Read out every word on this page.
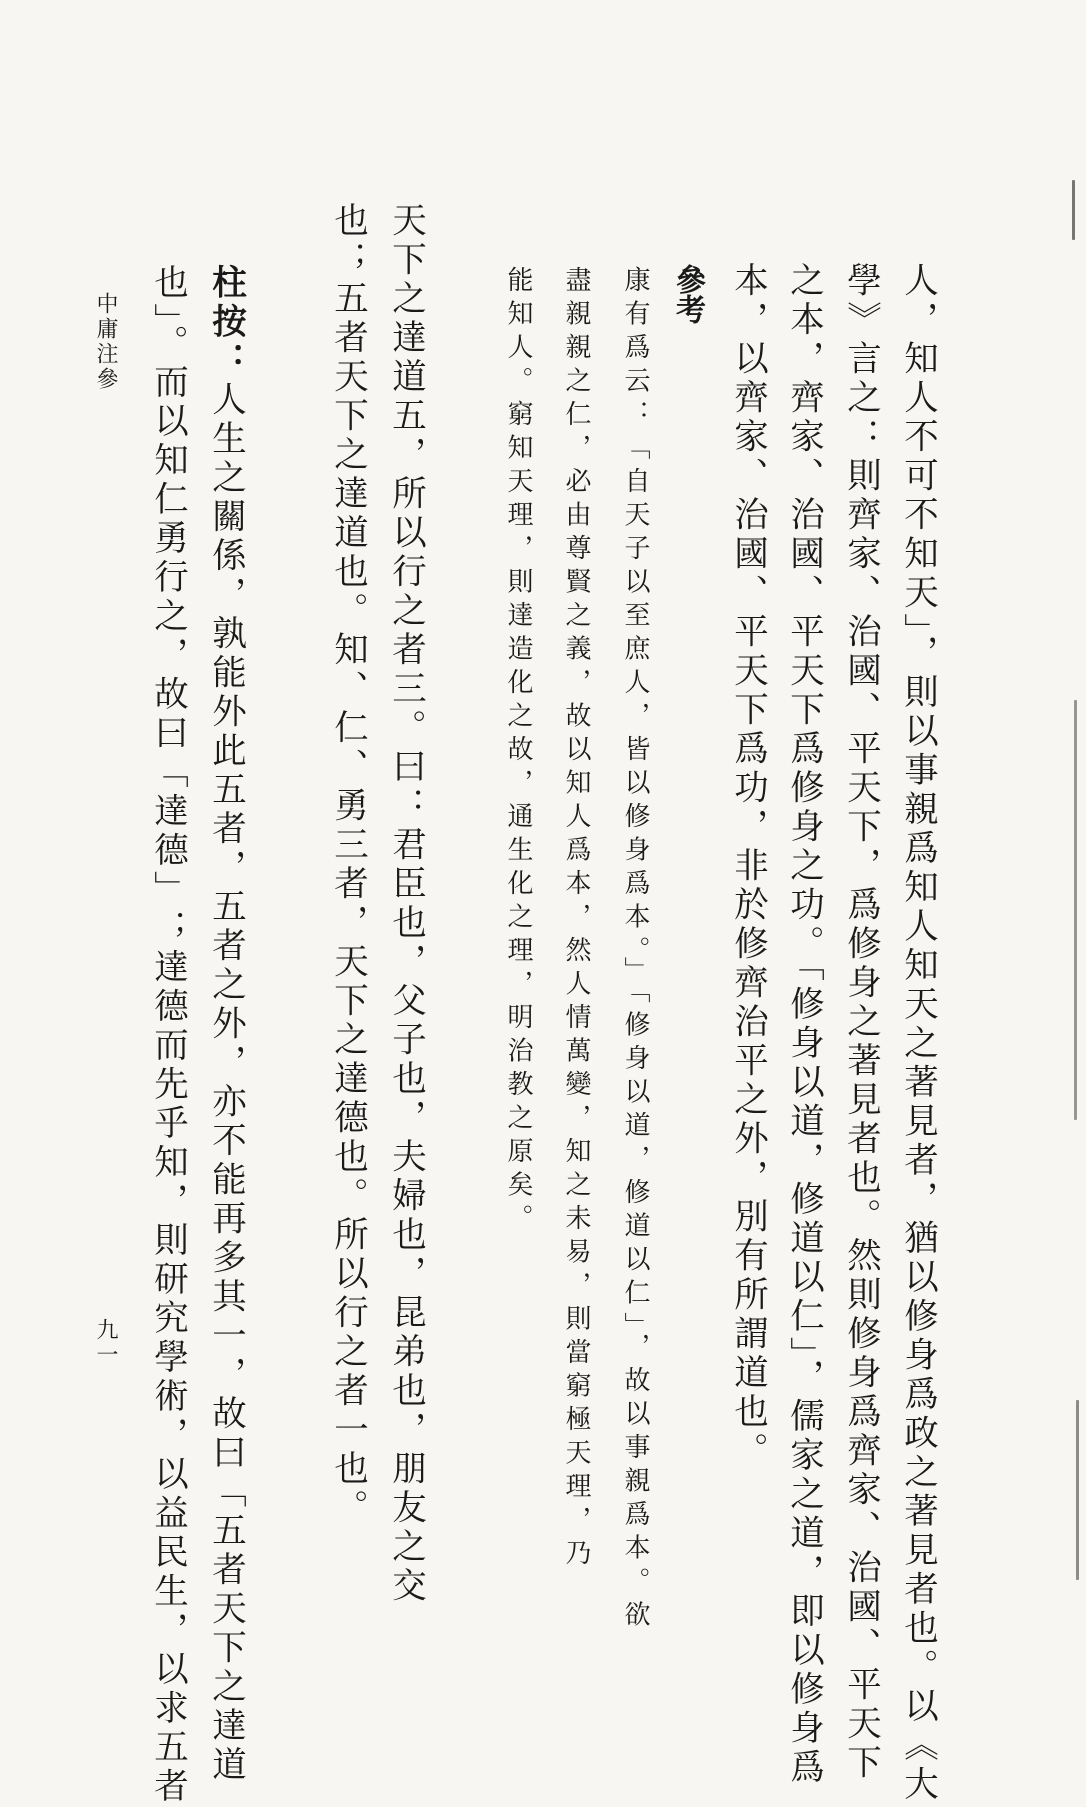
人，知人不可不知天」，則以事親爲知人知天之著見者，猶以修身爲政之著見者也。以《大
學》言之：則齊家、治國、平天下，爲修身之著見者也。然則修身爲齊家、治國、平天下
之本，齊家、治國、平天下爲修身之功。「修身以道，修道以仁」，儒家之道，即以修身爲
本，以齊家、治國、平天下爲功，非於修齊治平之外，別有所謂道也。
參考
康有爲云：「自天子以至庶人，皆以修身爲本。」「修身以道，修道以仁」，故以事親爲本。欲
盡親親之仁，必由尊賢之義，故以知人爲本，然人情萬變，知之未易，則當窮極天理，乃
能知人。窮知天理，則達造化之故，通生化之理，明治教之原矣。
天下之達道五，所以行之者三。曰：君臣也，父子也，夫婦也，昆弟也，朋友之交
也；五者天下之達道也。知、仁、勇三者，天下之達德也。所以行之者一也。
柱按：人生之關係，孰能外此五者，五者之外，亦不能再多其一，故曰「五者天下之達道
也」。而以知仁勇行之，故曰「達德」；達德而先乎知，則研究學術，以益民生，以求五者
中庸注參
九一
